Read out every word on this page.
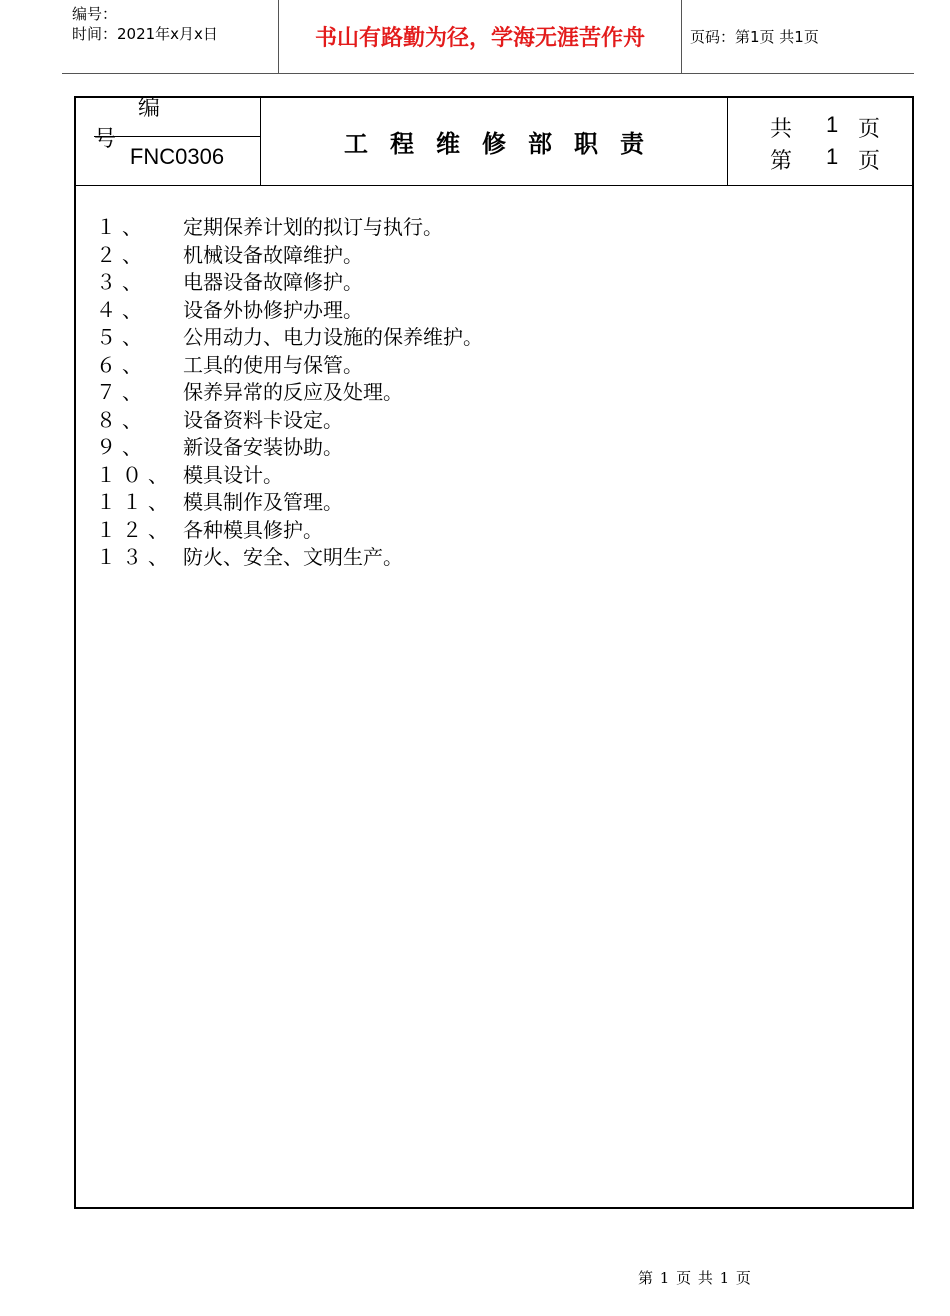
编号：
时间：2021年x月x日	书山有路勤为径，学海无涯苦作舟	页码：第1页 共1页
编号
FNC0306	工程维修部职责	共 1 页
第 1 页
１、 定期保养计划的拟订与执行。
２、 机械设备故障维护。
３、 电器设备故障修护。
４、 设备外协修护办理。
５、 公用动力、电力设施的保养维护。
６、 工具的使用与保管。
７、 保养异常的反应及处理。
８、 设备资料卡设定。
９、 新设备安装协助。
１０、 模具设计。
１１、 模具制作及管理。
１２、 各种模具修护。
１３、 防火、安全、文明生产。
第 1 页 共 1 页
